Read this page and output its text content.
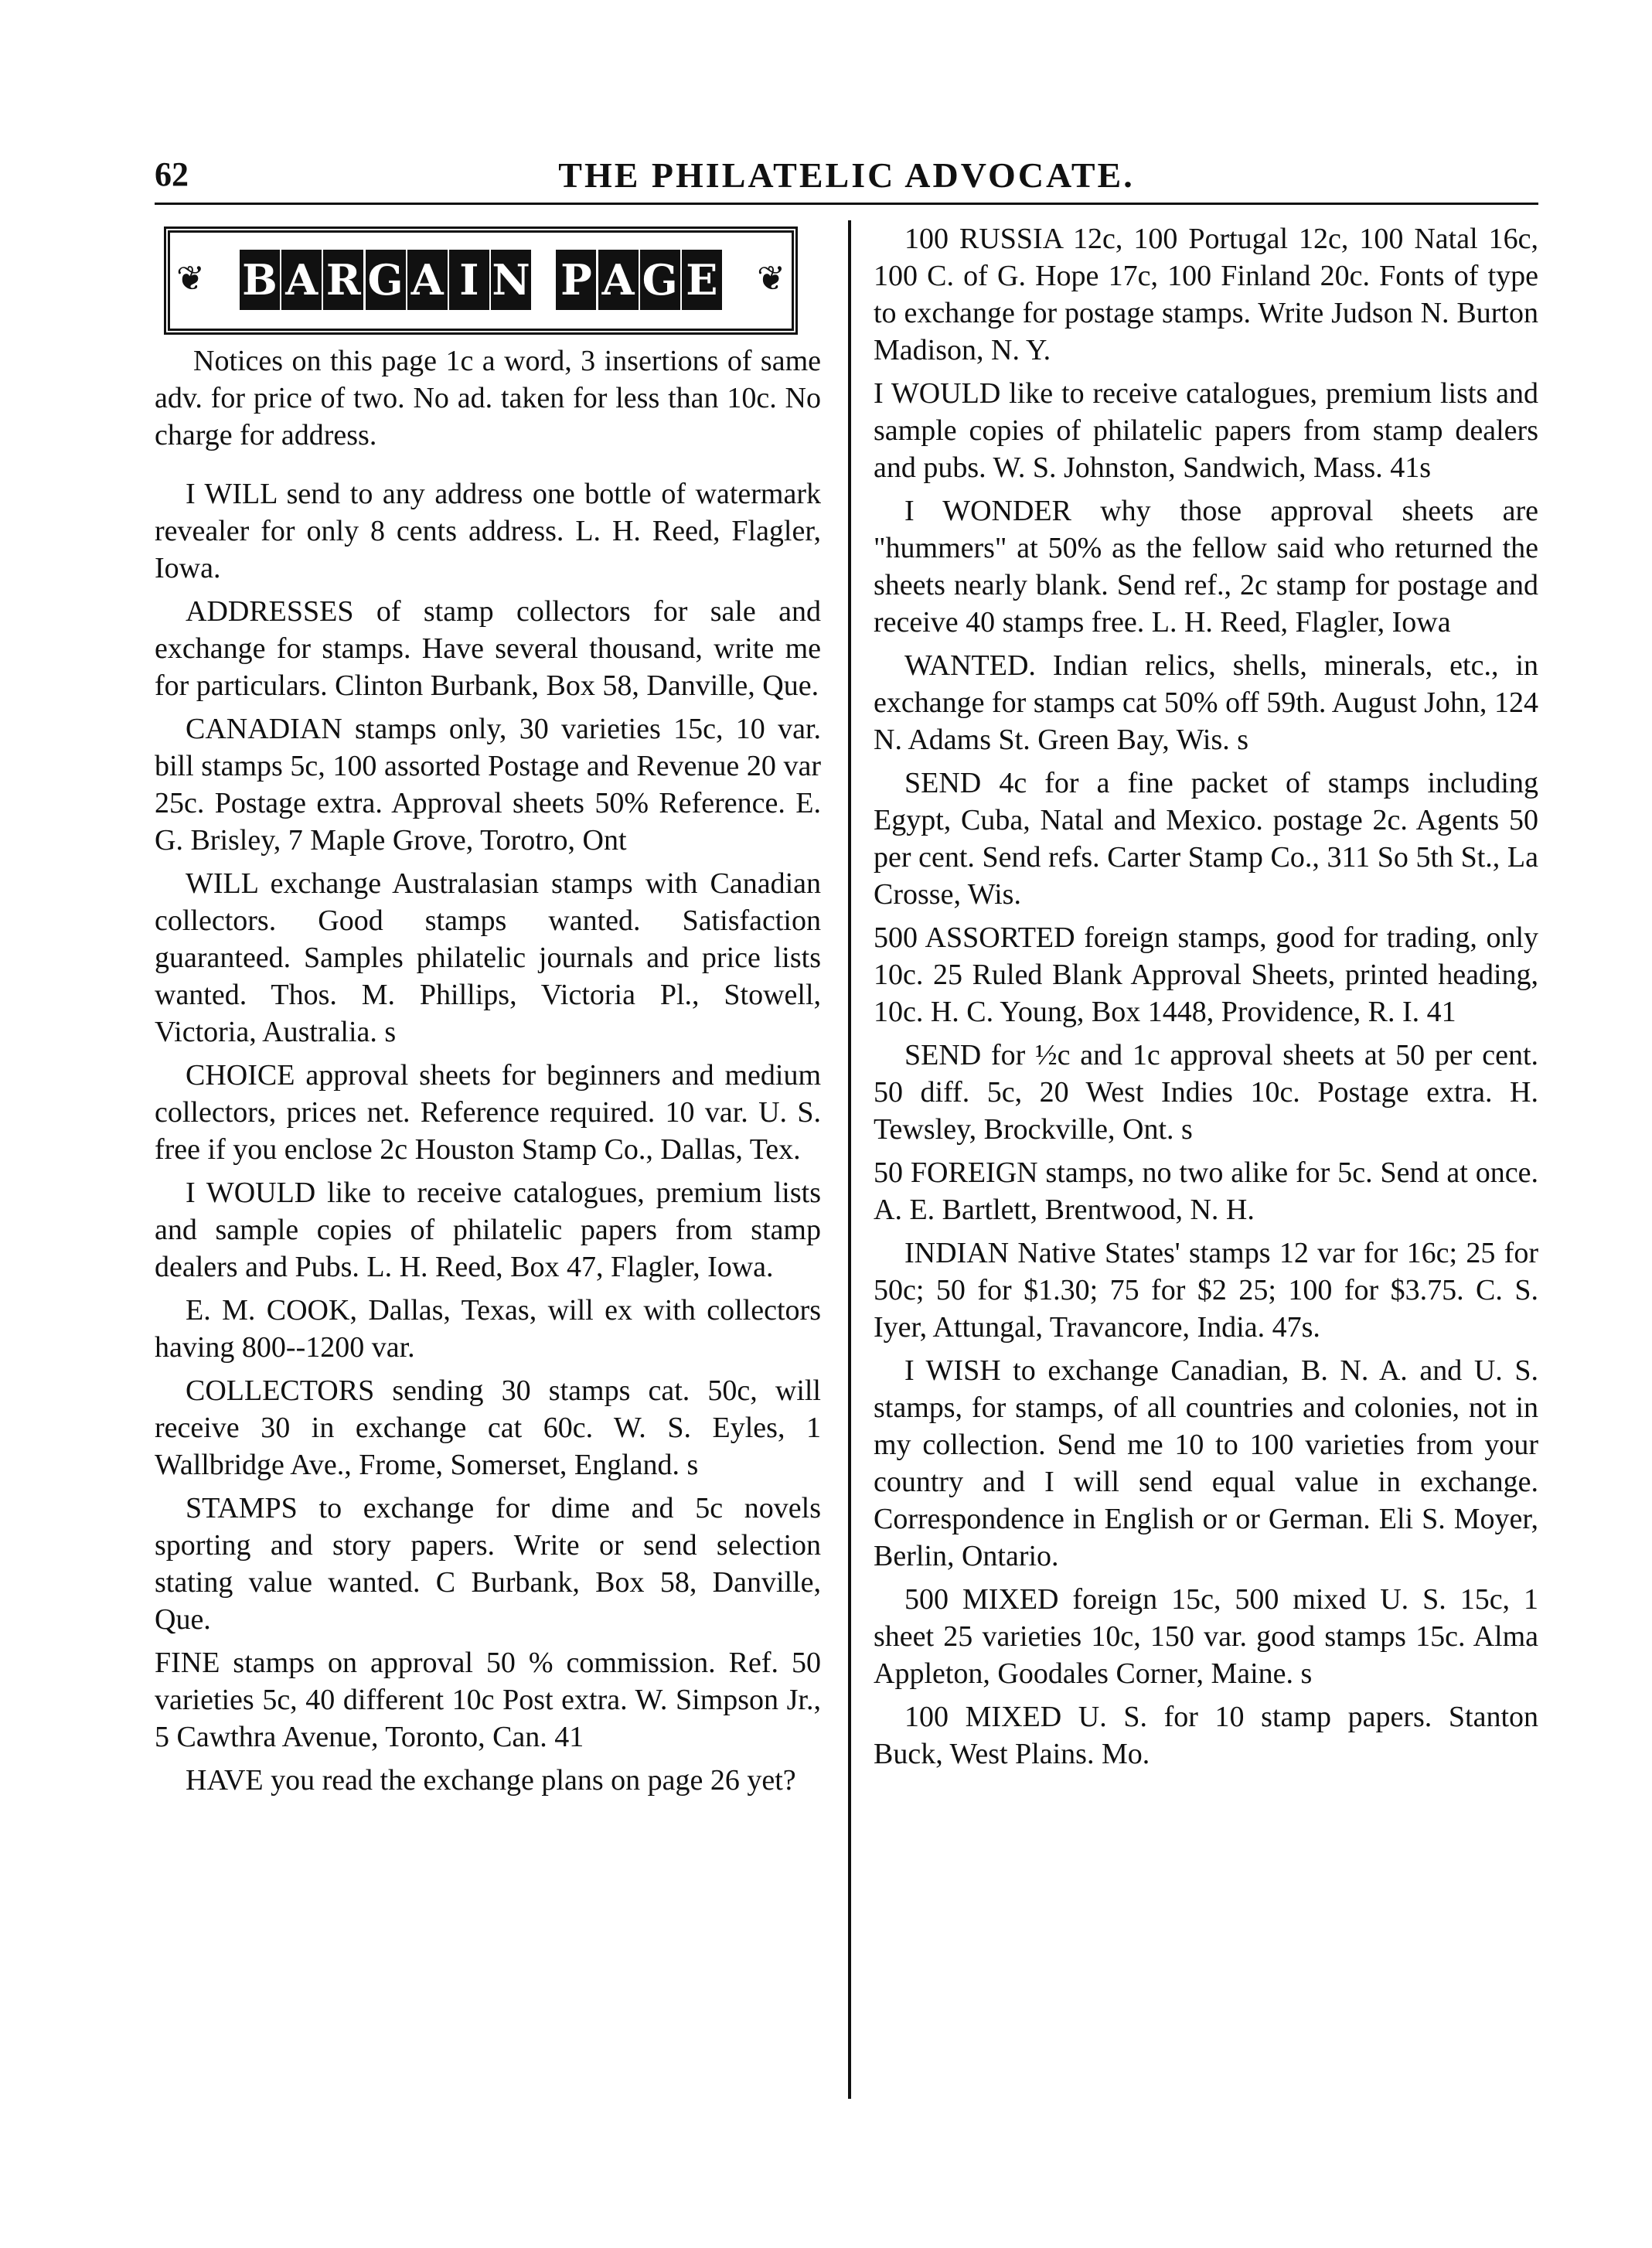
62	THE PHILATELIC ADVOCATE.
❦ B A R G A I N P A G E ❦

Notices on this page 1c a word, 3 insertions of same adv. for price of two. No ad. taken for less than 10c. No charge for address.

I WILL send to any address one bottle of watermark revealer for only 8 cents address. L. H. Reed, Flagler, Iowa.

ADDRESSES of stamp collectors for sale and exchange for stamps. Have several thousand, write me for particulars. Clinton Burbank, Box 58, Danville, Que.

CANADIAN stamps only, 30 varieties 15c, 10 var. bill stamps 5c, 100 assorted Postage and Revenue 20 var 25c. Postage extra. Approval sheets 50% Reference. E. G. Brisley, 7 Maple Grove, Torotro, Ont

WILL exchange Australasian stamps with Canadian collectors. Good stamps wanted. Satisfaction guaranteed. Samples philatelic journals and price lists wanted. Thos. M. Phillips, Victoria Pl., Stowell, Victoria, Australia. s

CHOICE approval sheets for beginners and medium collectors, prices net. Reference required. 10 var. U. S. free if you enclose 2c Houston Stamp Co., Dallas, Tex.

I WOULD like to receive catalogues, premium lists and sample copies of philatelic papers from stamp dealers and Pubs. L. H. Reed, Box 47, Flagler, Iowa.

E. M. COOK, Dallas, Texas, will ex with collectors having 800--1200 var.

COLLECTORS sending 30 stamps cat. 50c, will receive 30 in exchange cat 60c. W. S. Eyles, 1 Wallbridge Ave., Frome, Somerset, England. s

STAMPS to exchange for dime and 5c novels sporting and story papers. Write or send selection stating value wanted. C Burbank, Box 58, Danville, Que.

FINE stamps on approval 50 % commission. Ref. 50 varieties 5c, 40 different 10c Post extra. W. Simpson Jr., 5 Cawthra Avenue, Toronto, Can. 41

HAVE you read the exchange plans on page 26 yet?

100 RUSSIA 12c, 100 Portugal 12c, 100 Natal 16c, 100 C. of G. Hope 17c, 100 Finland 20c. Fonts of type to exchange for postage stamps. Write Judson N. Burton Madison, N. Y.

I WOULD like to receive catalogues, premium lists and sample copies of philatelic papers from stamp dealers and pubs. W. S. Johnston, Sandwich, Mass. 41s

I WONDER why those approval sheets are "hummers" at 50% as the fellow said who returned the sheets nearly blank. Send ref., 2c stamp for postage and receive 40 stamps free. L. H. Reed, Flagler, Iowa

WANTED. Indian relics, shells, minerals, etc., in exchange for stamps cat 50% off 59th. August John, 124 N. Adams St. Green Bay, Wis. s

SEND 4c for a fine packet of stamps including Egypt, Cuba, Natal and Mexico. postage 2c. Agents 50 per cent. Send refs. Carter Stamp Co., 311 So 5th St., La Crosse, Wis.

500 ASSORTED foreign stamps, good for trading, only 10c. 25 Ruled Blank Approval Sheets, printed heading, 10c. H. C. Young, Box 1448, Providence, R. I. 41

SEND for ½c and 1c approval sheets at 50 per cent. 50 diff. 5c, 20 West Indies 10c. Postage extra. H. Tewsley, Brockville, Ont. s

50 FOREIGN stamps, no two alike for 5c. Send at once. A. E. Bartlett, Brentwood, N. H.

INDIAN Native States' stamps 12 var for 16c; 25 for 50c; 50 for $1.30; 75 for $2 25; 100 for $3.75. C. S. Iyer, Attungal, Travancore, India. 47s.

I WISH to exchange Canadian, B. N. A. and U. S. stamps, for stamps, of all countries and colonies, not in my collection. Send me 10 to 100 varieties from your country and I will send equal value in exchange. Correspondence in English or or German. Eli S. Moyer, Berlin, Ontario.

500 MIXED foreign 15c, 500 mixed U. S. 15c, 1 sheet 25 varieties 10c, 150 var. good stamps 15c. Alma Appleton, Goodales Corner, Maine. s

100 MIXED U. S. for 10 stamp papers. Stanton Buck, West Plains. Mo.
